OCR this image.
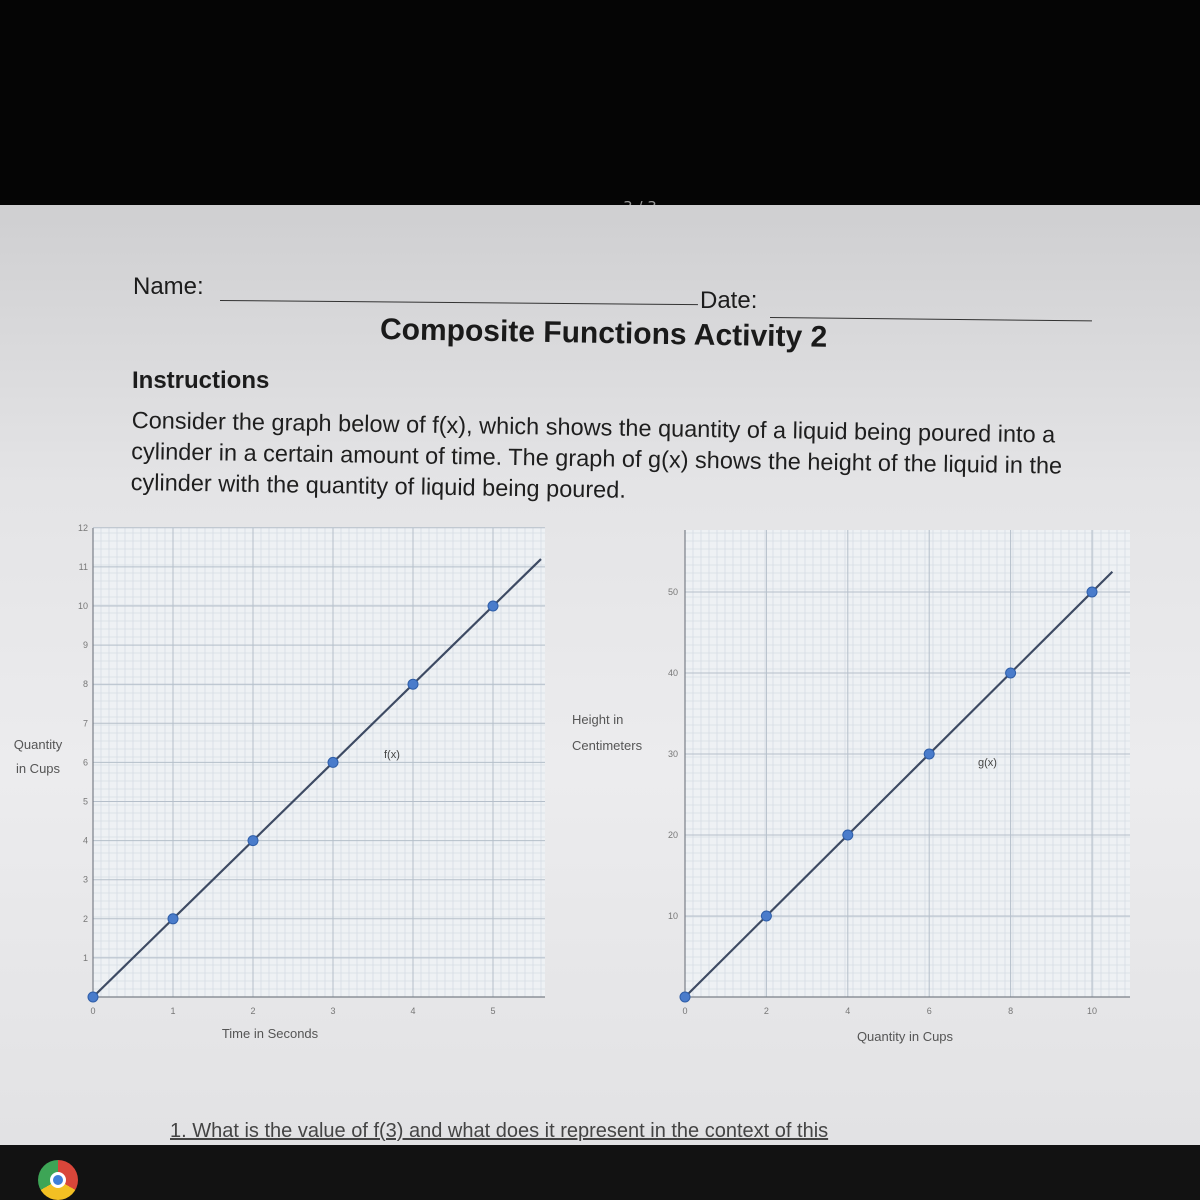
Name:
Date:
Composite Functions Activity 2
Instructions
Consider the graph below of f(x), which shows the quantity of a liquid being poured into a cylinder in a certain amount of time. The graph of g(x) shows the height of the liquid in the cylinder with the quantity of liquid being poured.
0	1	2	3	4	5
1
2
3
4
5
6
7
8
9
10
11
12
f(x)
Time in Seconds
Quantity in Cups
0	2	4	6	8	10
10
20
30
40
50
g(x)
Quantity in Cups
Height in Centimeters
1. What is the value of f(3) and what does it represent in the context of this
